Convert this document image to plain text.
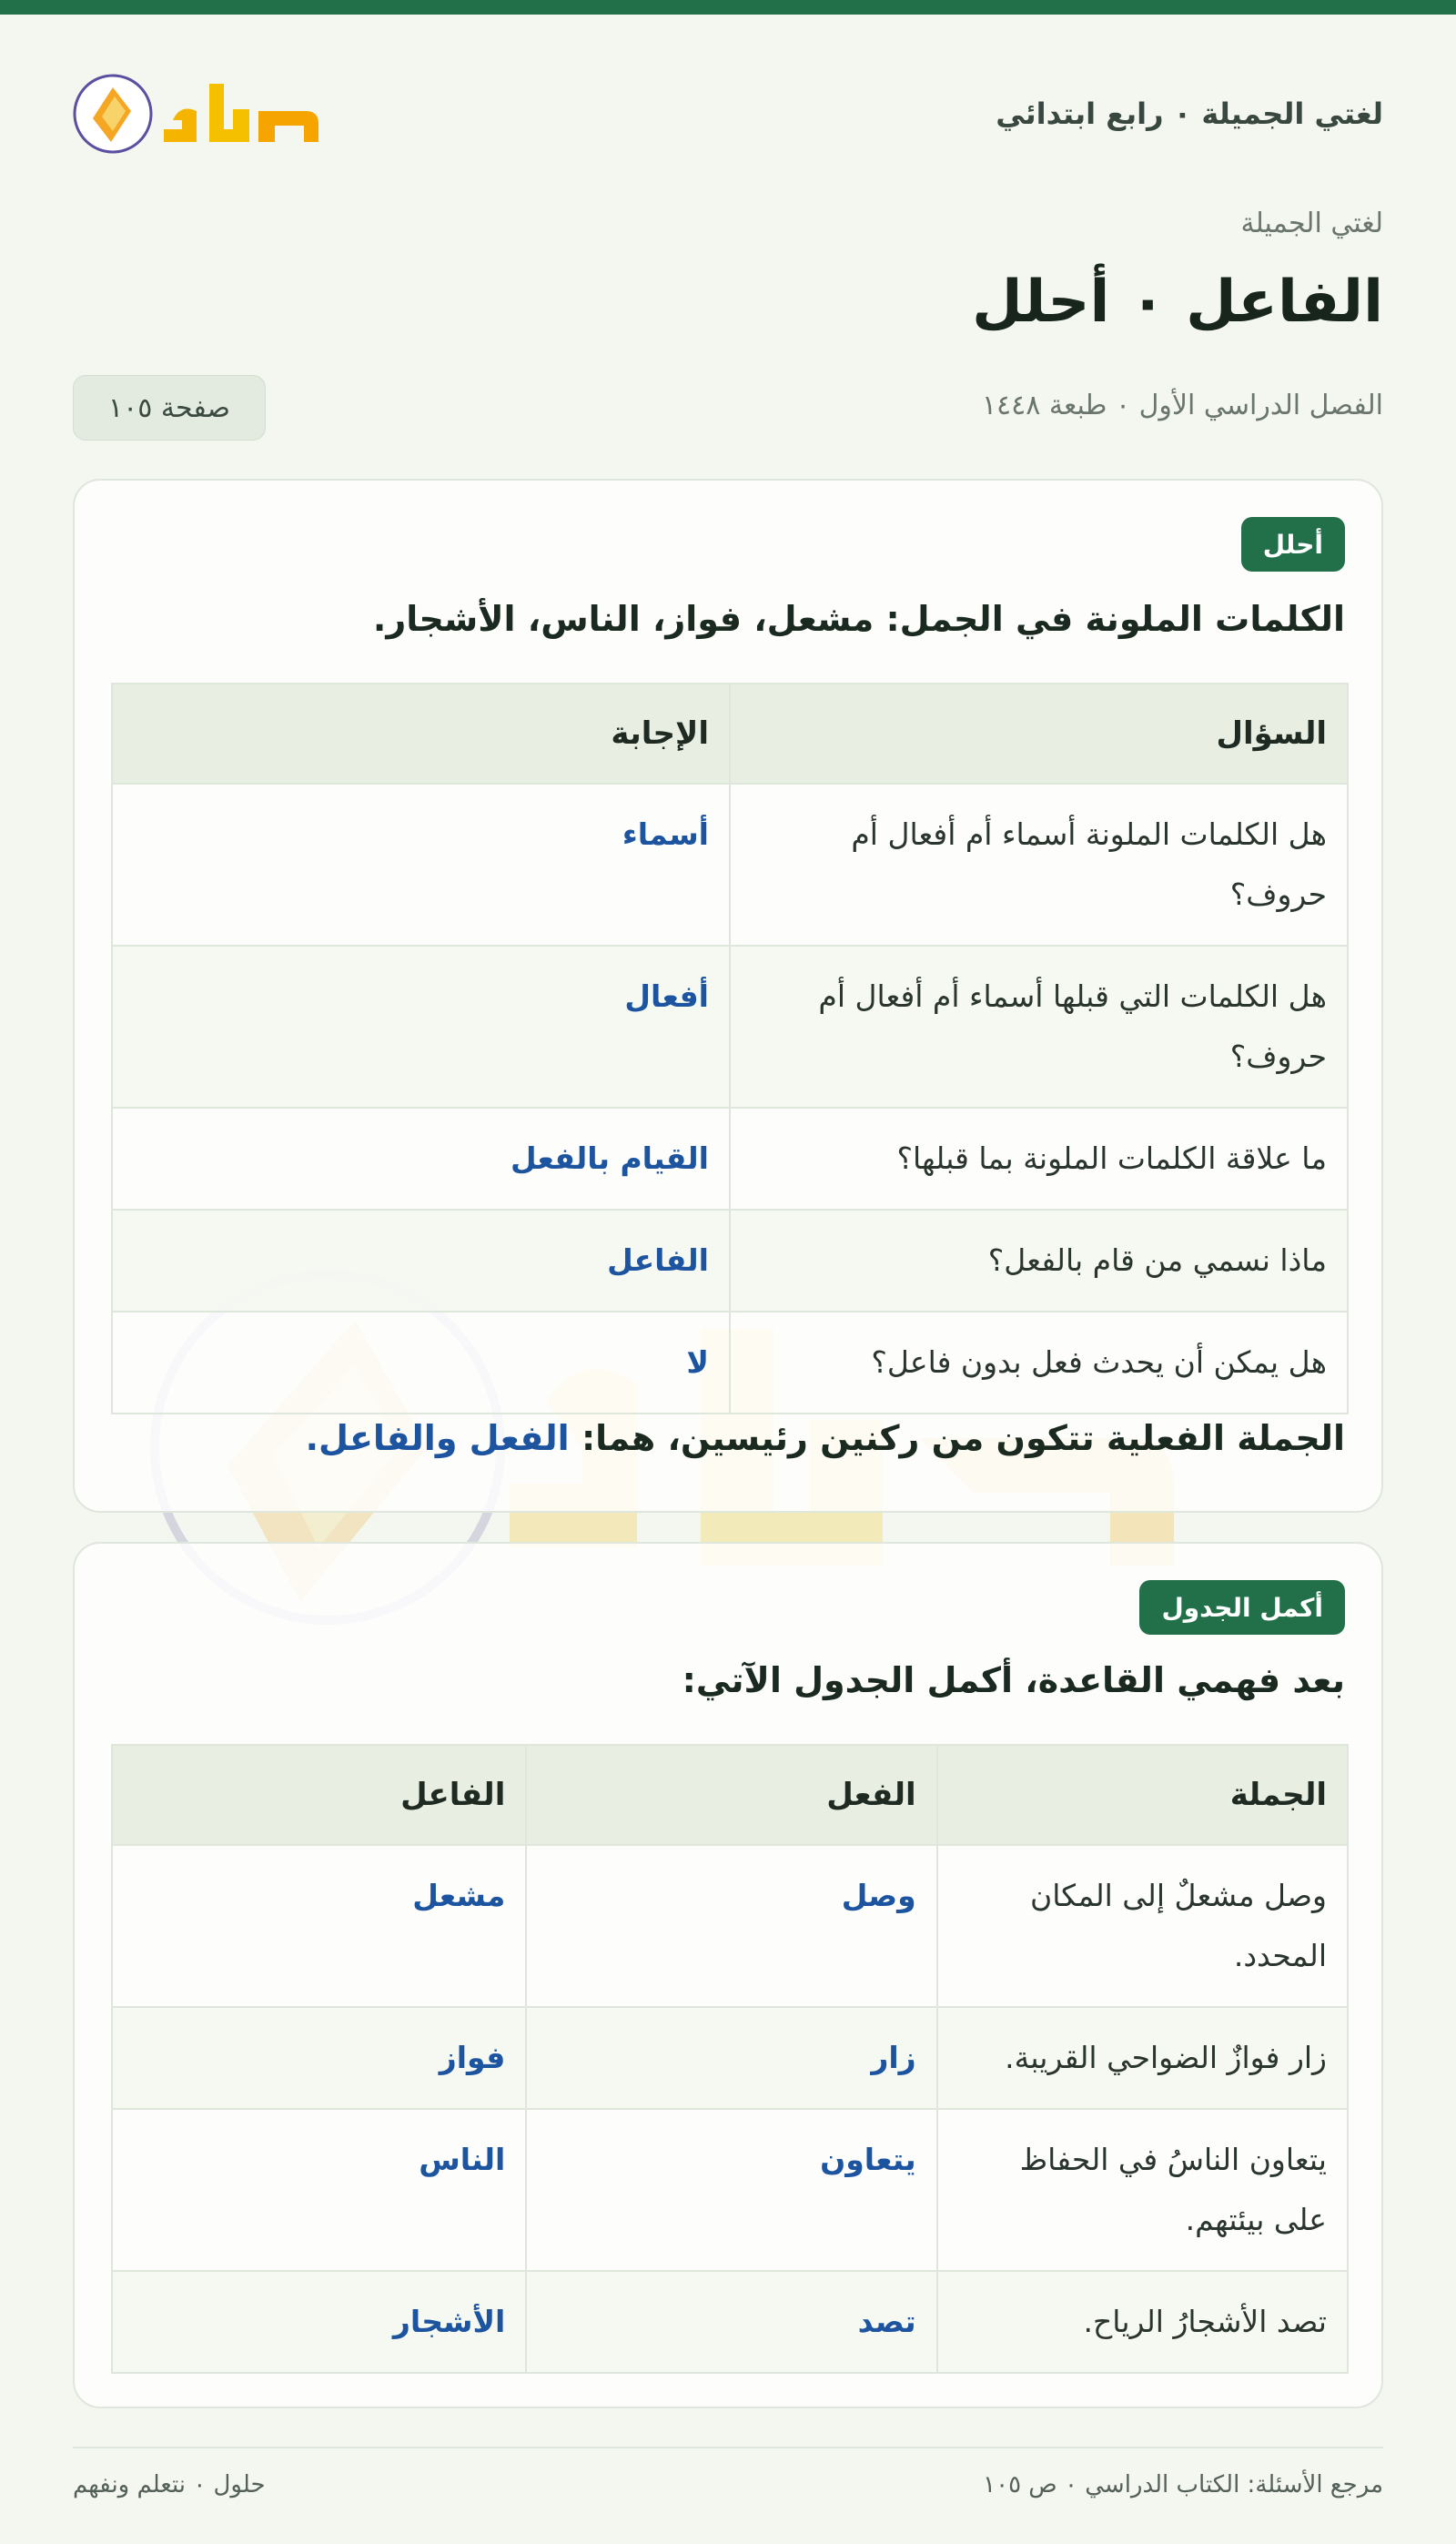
لغتي الجميلة ٠ رابع ابتدائي
لغتي الجميلة
الفاعل ٠ أحلل
الفصل الدراسي الأول ٠ طبعة ١٤٤٨
صفحة ١٠٥
أحلل
الكلمات الملونة في الجمل: مشعل، فواز، الناس، الأشجار.
السؤال	الإجابة
هل الكلمات الملونة أسماء أم أفعال أم حروف؟	أسماء
هل الكلمات التي قبلها أسماء أم أفعال أم حروف؟	أفعال
ما علاقة الكلمات الملونة بما قبلها؟	القيام بالفعل
ماذا نسمي من قام بالفعل؟	الفاعل
هل يمكن أن يحدث فعل بدون فاعل؟	لا
الجملة الفعلية تتكون من ركنين رئيسين، هما: الفعل والفاعل.
أكمل الجدول
بعد فهمي القاعدة، أكمل الجدول الآتي:
الجملة	الفعل	الفاعل
وصل مشعلٌ إلى المكان المحدد.	وصل	مشعل
زار فوازٌ الضواحي القريبة.	زار	فواز
يتعاون الناسُ في الحفاظ على بيئتهم.	يتعاون	الناس
تصد الأشجارُ الرياح.	تصد	الأشجار
مرجع الأسئلة: الكتاب الدراسي ٠ ص ١٠٥
حلول ٠ نتعلم ونفهم
